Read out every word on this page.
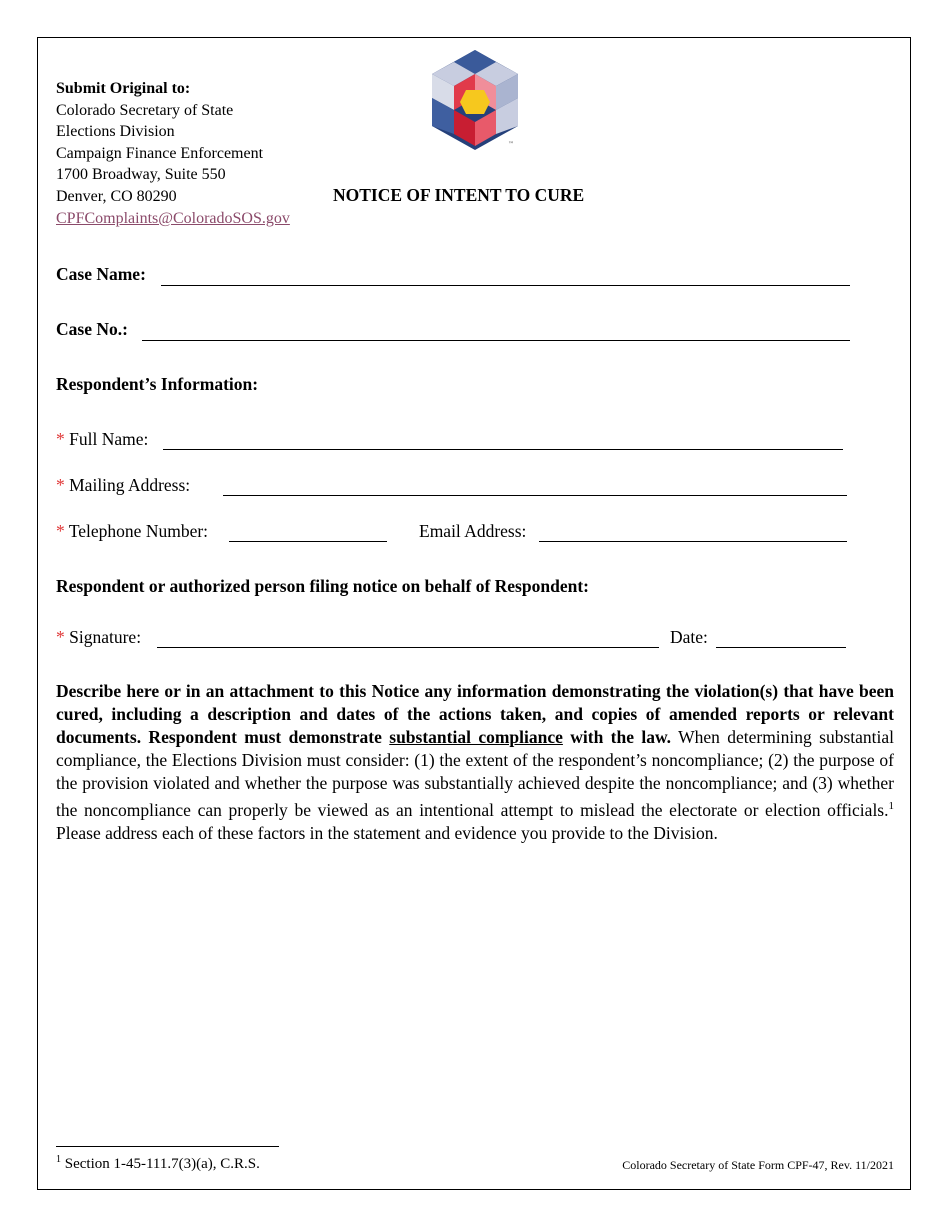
Submit Original to:
Colorado Secretary of State
Elections Division
Campaign Finance Enforcement
1700 Broadway, Suite 550
Denver, CO 80290
CPFComplaints@ColoradoSOS.gov
™
NOTICE OF INTENT TO CURE
Case Name:
Case No.:
Respondent’s Information:
* Full Name:
* Mailing Address:
* Telephone Number:	Email Address:
Respondent or authorized person filing notice on behalf of Respondent:
* Signature:	Date:
Describe here or in an attachment to this Notice any information demonstrating the violation(s) that have been cured, including a description and dates of the actions taken, and copies of amended reports or relevant documents. Respondent must demonstrate substantial compliance with the law. When determining substantial compliance, the Elections Division must consider: (1) the extent of the respondent’s noncompliance; (2) the purpose of the provision violated and whether the purpose was substantially achieved despite the noncompliance; and (3) whether the noncompliance can properly be viewed as an intentional attempt to mislead the electorate or election officials.$^1$ Please address each of these factors in the statement and evidence you provide to the Division.
$^1$ Section 1-45-111.7(3)(a), C.R.S.	Colorado Secretary of State Form CPF-47, Rev. 11/2021
